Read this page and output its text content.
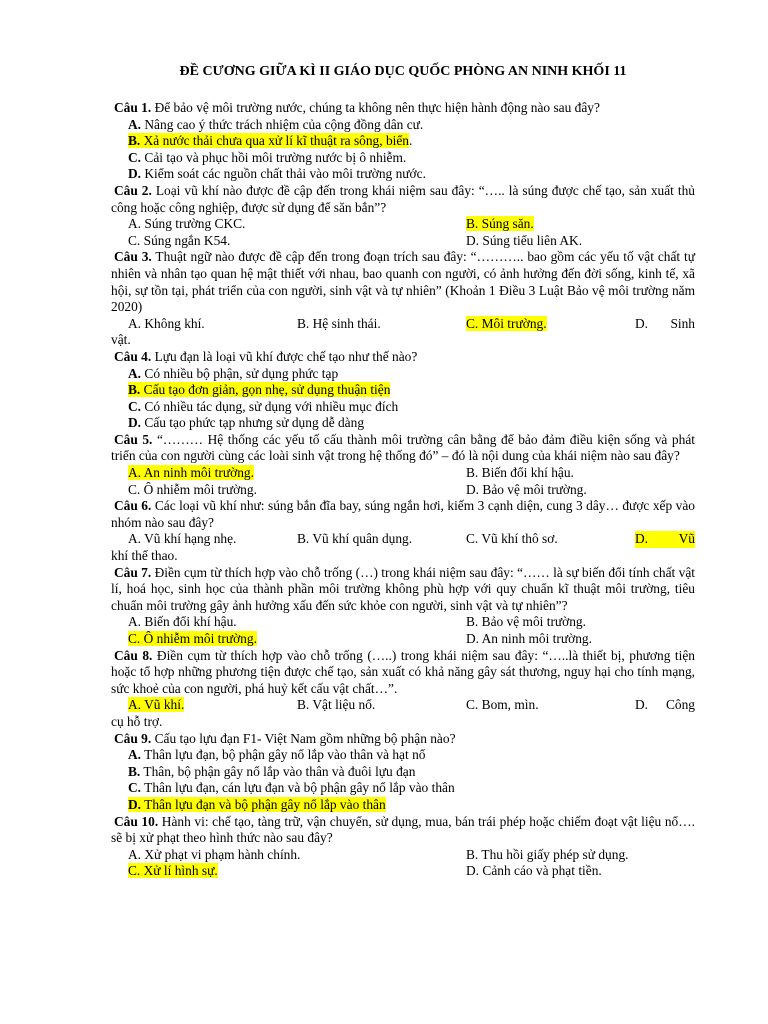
ĐỀ CƯƠNG GIỮA KÌ II GIÁO DỤC QUỐC PHÒNG AN NINH KHỐI 11
Câu 1. Để bảo vệ môi trường nước, chúng ta không nên thực hiện hành động nào sau đây?
A. Nâng cao ý thức trách nhiệm của cộng đồng dân cư.
B. Xả nước thải chưa qua xử lí kĩ thuật ra sông, biển.
C. Cải tạo và phục hồi môi trường nước bị ô nhiễm.
D. Kiểm soát các nguồn chất thải vào môi trường nước.
Câu 2. Loại vũ khí nào được đề cập đến trong khái niệm sau đây: “….. là súng được chế tạo, sản xuất thủ công hoặc công nghiệp, được sử dụng để săn bắn”?
A. Súng trường CKC.	B. Súng săn.
C. Súng ngắn K54.	D. Súng tiểu liên AK.
Câu 3. Thuật ngữ nào được đề cập đến trong đoạn trích sau đây: “……….. bao gồm các yếu tố vật chất tự nhiên và nhân tạo quan hệ mật thiết với nhau, bao quanh con người, có ảnh hưởng đến đời sống, kinh tế, xã hội, sự tồn tại, phát triển của con người, sinh vật và tự nhiên” (Khoản 1 Điều 3 Luật Bảo vệ môi trường năm 2020)
A. Không khí.	B. Hệ sinh thái.	C. Môi trường.	D. Sinh
vật.
Câu 4. Lựu đạn là loại vũ khí được chế tạo như thế nào?
A. Có nhiều bộ phận, sử dụng phức tạp
B. Cấu tạo đơn giản, gọn nhẹ, sử dụng thuận tiện
C. Có nhiều tác dụng, sử dụng với nhiều mục đích
D. Cấu tạo phức tạp nhưng sử dụng dễ dàng
Câu 5. “……… Hệ thống các yếu tố cấu thành môi trường cân bằng để bảo đảm điều kiện sống và phát triển của con người cùng các loài sinh vật trong hệ thống đó” – đó là nội dung của khái niệm nào sau đây?
A. An ninh môi trường.	B. Biến đổi khí hậu.
C. Ô nhiễm môi trường.	D. Bảo vệ môi trường.
Câu 6. Các loại vũ khí như: súng bắn đĩa bay, súng ngắn hơi, kiếm 3 cạnh diện, cung 3 dây… được xếp vào nhóm nào sau đây?
A. Vũ khí hạng nhẹ.	B. Vũ khí quân dụng.	C. Vũ khí thô sơ.	D. Vũ
khí thể thao.
Câu 7. Điền cụm từ thích hợp vào chỗ trống (…) trong khái niệm sau đây: “…… là sự biến đổi tính chất vật lí, hoá học, sinh học của thành phần môi trường không phù hợp với quy chuẩn kĩ thuật môi trường, tiêu chuẩn môi trường gây ảnh hưởng xấu đến sức khỏe con người, sinh vật và tự nhiên”?
A. Biến đổi khí hậu.	B. Bảo vệ môi trường.
C. Ô nhiễm môi trường.	D. An ninh môi trường.
Câu 8. Điền cụm từ thích hợp vào chỗ trống (…..) trong khái niệm sau đây: “…..là thiết bị, phương tiện hoặc tổ hợp những phương tiện được chế tạo, sản xuất có khả năng gây sát thương, nguy hại cho tính mạng, sức khoẻ của con người, phá huỷ kết cấu vật chất…”.
A. Vũ khí.	B. Vật liệu nổ.	C. Bom, mìn.	D. Công
cụ hỗ trợ.
Câu 9. Cấu tạo lựu đạn F1- Việt Nam gồm những bộ phận nào?
A. Thân lựu đạn, bộ phận gây nổ lắp vào thân và hạt nổ
B. Thân, bộ phận gây nổ lắp vào thân và đuôi lựu đạn
C. Thân lựu đạn, cán lựu đạn và bộ phận gây nổ lắp vào thân
D. Thân lựu đạn và bộ phận gây nổ lắp vào thân
Câu 10. Hành vi: chế tạo, tàng trữ, vận chuyển, sử dụng, mua, bán trái phép hoặc chiếm đoạt vật liệu nổ…. sẽ bị xử phạt theo hình thức nào sau đây?
A. Xử phạt vi phạm hành chính.	B. Thu hồi giấy phép sử dụng.
C. Xử lí hình sự.	D. Cảnh cáo và phạt tiền.
